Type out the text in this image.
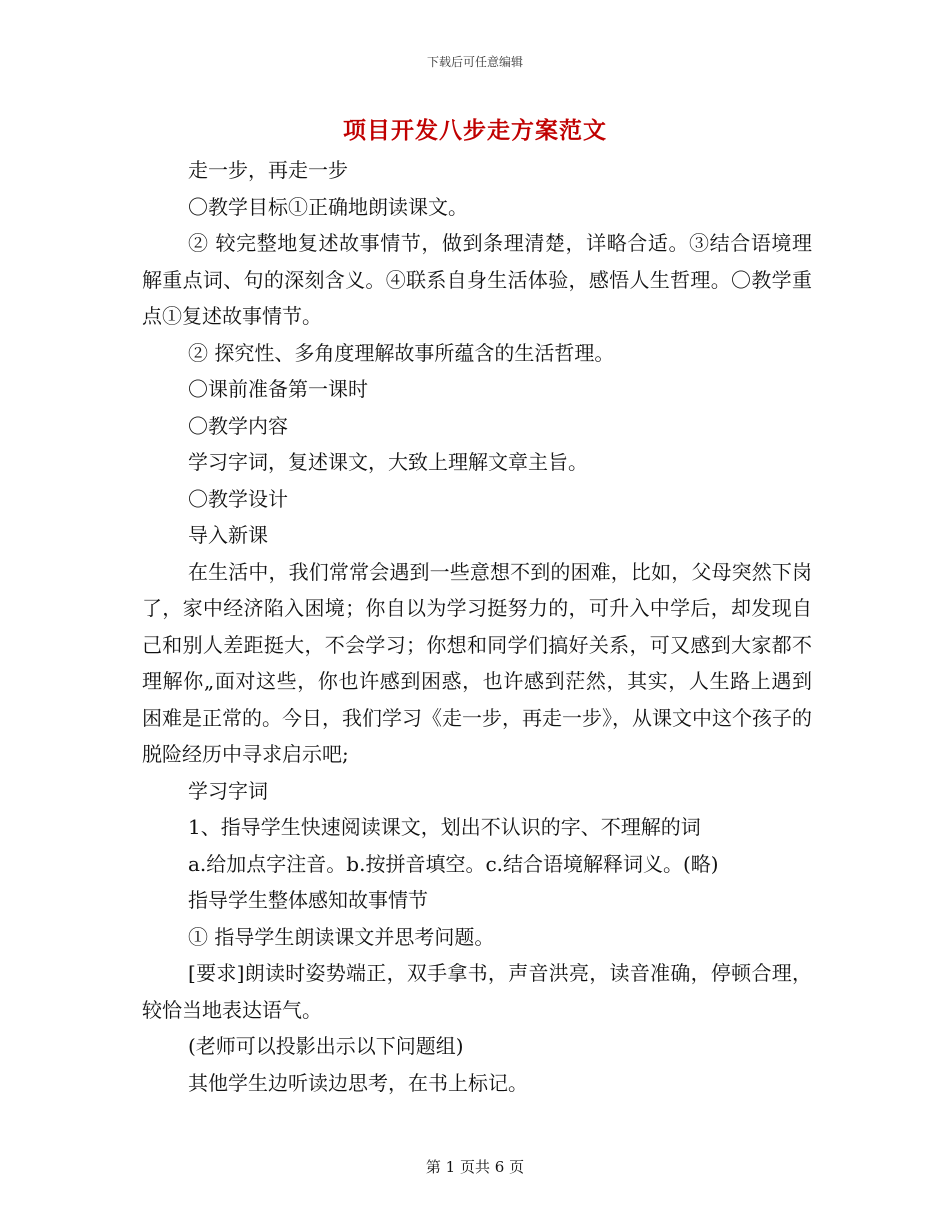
下载后可任意编辑
项目开发八步走方案范文

走一步，再走一步

〇教学目标①正确地朗读课文。

② 较完整地复述故事情节，做到条理清楚，详略合适。③结合语境理解重点词、句的深刻含义。④联系自身生活体验，感悟人生哲理。〇教学重点①复述故事情节。

② 探究性、多角度理解故事所蕴含的生活哲理。

〇课前准备第一课时

〇教学内容

学习字词，复述课文，大致上理解文章主旨。

〇教学设计

导入新课

在生活中，我们常常会遇到一些意想不到的困难，比如，父母突然下岗了，家中经济陷入困境；你自以为学习挺努力的，可升入中学后，却发现自己和别人差距挺大，不会学习；你想和同学们搞好关系，可又感到大家都不理解你„面对这些，你也许感到困惑，也许感到茫然，其实，人生路上遇到困难是正常的。今日，我们学习《走一步，再走一步》，从课文中这个孩子的脱险经历中寻求启示吧;

学习字词

1、指导学生快速阅读课文，划出不认识的字、不理解的词

a.给加点字注音。b.按拼音填空。c.结合语境解释词义。(略)

指导学生整体感知故事情节

① 指导学生朗读课文并思考问题。

[要求]朗读时姿势端正，双手拿书，声音洪亮，读音准确，停顿合理，较恰当地表达语气。

(老师可以投影出示以下问题组)

其他学生边听读边思考，在书上标记。

第 1 页共 6 页
